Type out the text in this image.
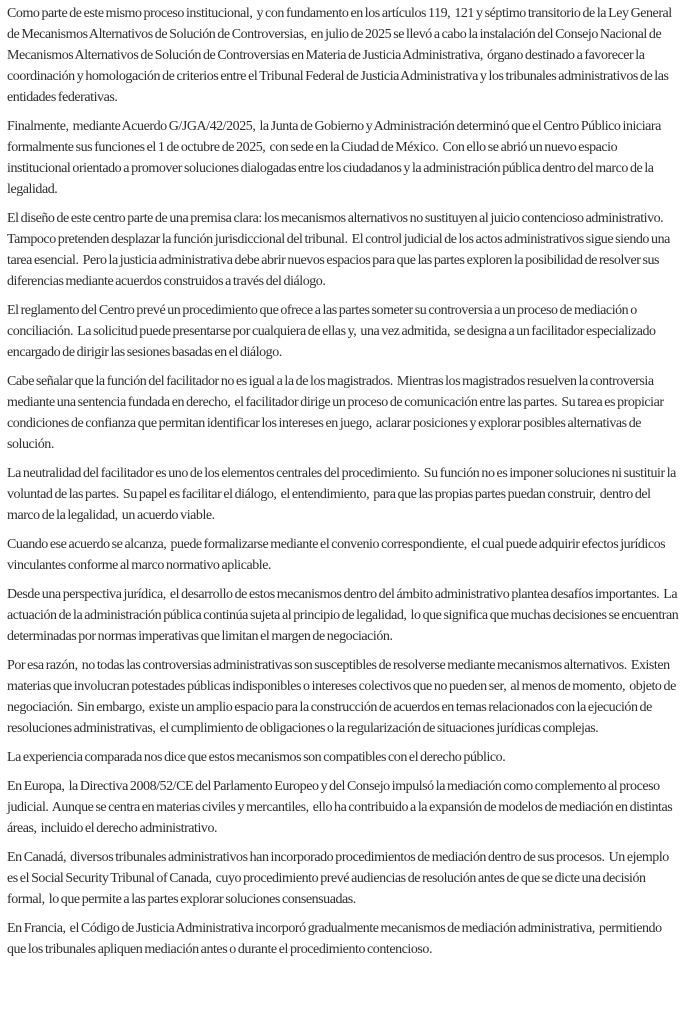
Como parte de este mismo proceso institucional,  y con fundamento en los artículos 119,  121 y séptimo transitorio de la Ley General de Mecanismos Alternativos de Solución de Controversias,  en julio de 2025 se llevó a cabo la instalación del Consejo Nacional de Mecanismos Alternativos de Solución de Controversias en Materia de Justicia Administrativa,  órgano destinado a favorecer la coordinación y homologación de criterios entre el Tribunal Federal de Justicia Administrativa y los tribunales administrativos de las entidades federativas.

Finalmente,  mediante Acuerdo G/JGA/42/2025,  la Junta de Gobierno y Administración determinó que el Centro Público iniciara formalmente sus funciones el 1 de octubre de 2025,  con sede en la Ciudad de México.  Con ello se abrió un nuevo espacio institucional orientado a promover soluciones dialogadas entre los ciudadanos y la administración pública dentro del marco de la legalidad.

El diseño de este centro parte de una premisa clara: los mecanismos alternativos no sustituyen al juicio contencioso administrativo.  Tampoco pretenden desplazar la función jurisdiccional del tribunal.  El control judicial de los actos administrativos sigue siendo una tarea esencial.  Pero la justicia administrativa debe abrir nuevos espacios para que las partes exploren la posibilidad de resolver sus diferencias mediante acuerdos construidos a través del diálogo.

El reglamento del Centro prevé un procedimiento que ofrece a las partes someter su controversia a un proceso de mediación o conciliación.  La solicitud puede presentarse por cualquiera de ellas y,  una vez admitida,  se designa a un facilitador especializado encargado de dirigir las sesiones basadas en el diálogo.

Cabe señalar que la función del facilitador no es igual a la de los magistrados.  Mientras los magistrados resuelven la controversia mediante una sentencia fundada en derecho,  el facilitador dirige un proceso de comunicación entre las partes.  Su tarea es propiciar condiciones de confianza que permitan identificar los intereses en juego,  aclarar posiciones y explorar posibles alternativas de solución.

La neutralidad del facilitador es uno de los elementos centrales del procedimiento.  Su función no es imponer soluciones ni sustituir la voluntad de las partes.  Su papel es facilitar el diálogo,  el entendimiento,  para que las propias partes puedan construir,  dentro del marco de la legalidad,  un acuerdo viable.

Cuando ese acuerdo se alcanza,  puede formalizarse mediante el convenio correspondiente,  el cual puede adquirir efectos jurídicos vinculantes conforme al marco normativo aplicable.

Desde una perspectiva jurídica,  el desarrollo de estos mecanismos dentro del ámbito administrativo plantea desafíos importantes.  La actuación de la administración pública continúa sujeta al principio de legalidad,  lo que significa que muchas decisiones se encuentran determinadas por normas imperativas que limitan el margen de negociación.

Por esa razón,  no todas las controversias administrativas son susceptibles de resolverse mediante mecanismos alternativos.  Existen materias que involucran potestades públicas indisponibles o intereses colectivos que no pueden ser,  al menos de momento,  objeto de negociación.  Sin embargo,  existe un amplio espacio para la construcción de acuerdos en temas relacionados con la ejecución de resoluciones administrativas,  el cumplimiento de obligaciones o la regularización de situaciones jurídicas complejas.

La experiencia comparada nos dice que estos mecanismos son compatibles con el derecho público.

En Europa,  la Directiva 2008/52/CE del Parlamento Europeo y del Consejo impulsó la mediación como complemento al proceso judicial.  Aunque se centra en materias civiles y mercantiles,  ello ha contribuido a la expansión de modelos de mediación en distintas áreas,  incluido el derecho administrativo.

En Canadá,  diversos tribunales administrativos han incorporado procedimientos de mediación dentro de sus procesos.  Un ejemplo es el Social Security Tribunal of Canada,  cuyo procedimiento prevé audiencias de resolución antes de que se dicte una decisión formal,  lo que permite a las partes explorar soluciones consensuadas.

En Francia,  el Código de Justicia Administrativa incorporó gradualmente mecanismos de mediación administrativa,  permitiendo que los tribunales apliquen mediación antes o durante el procedimiento contencioso.
